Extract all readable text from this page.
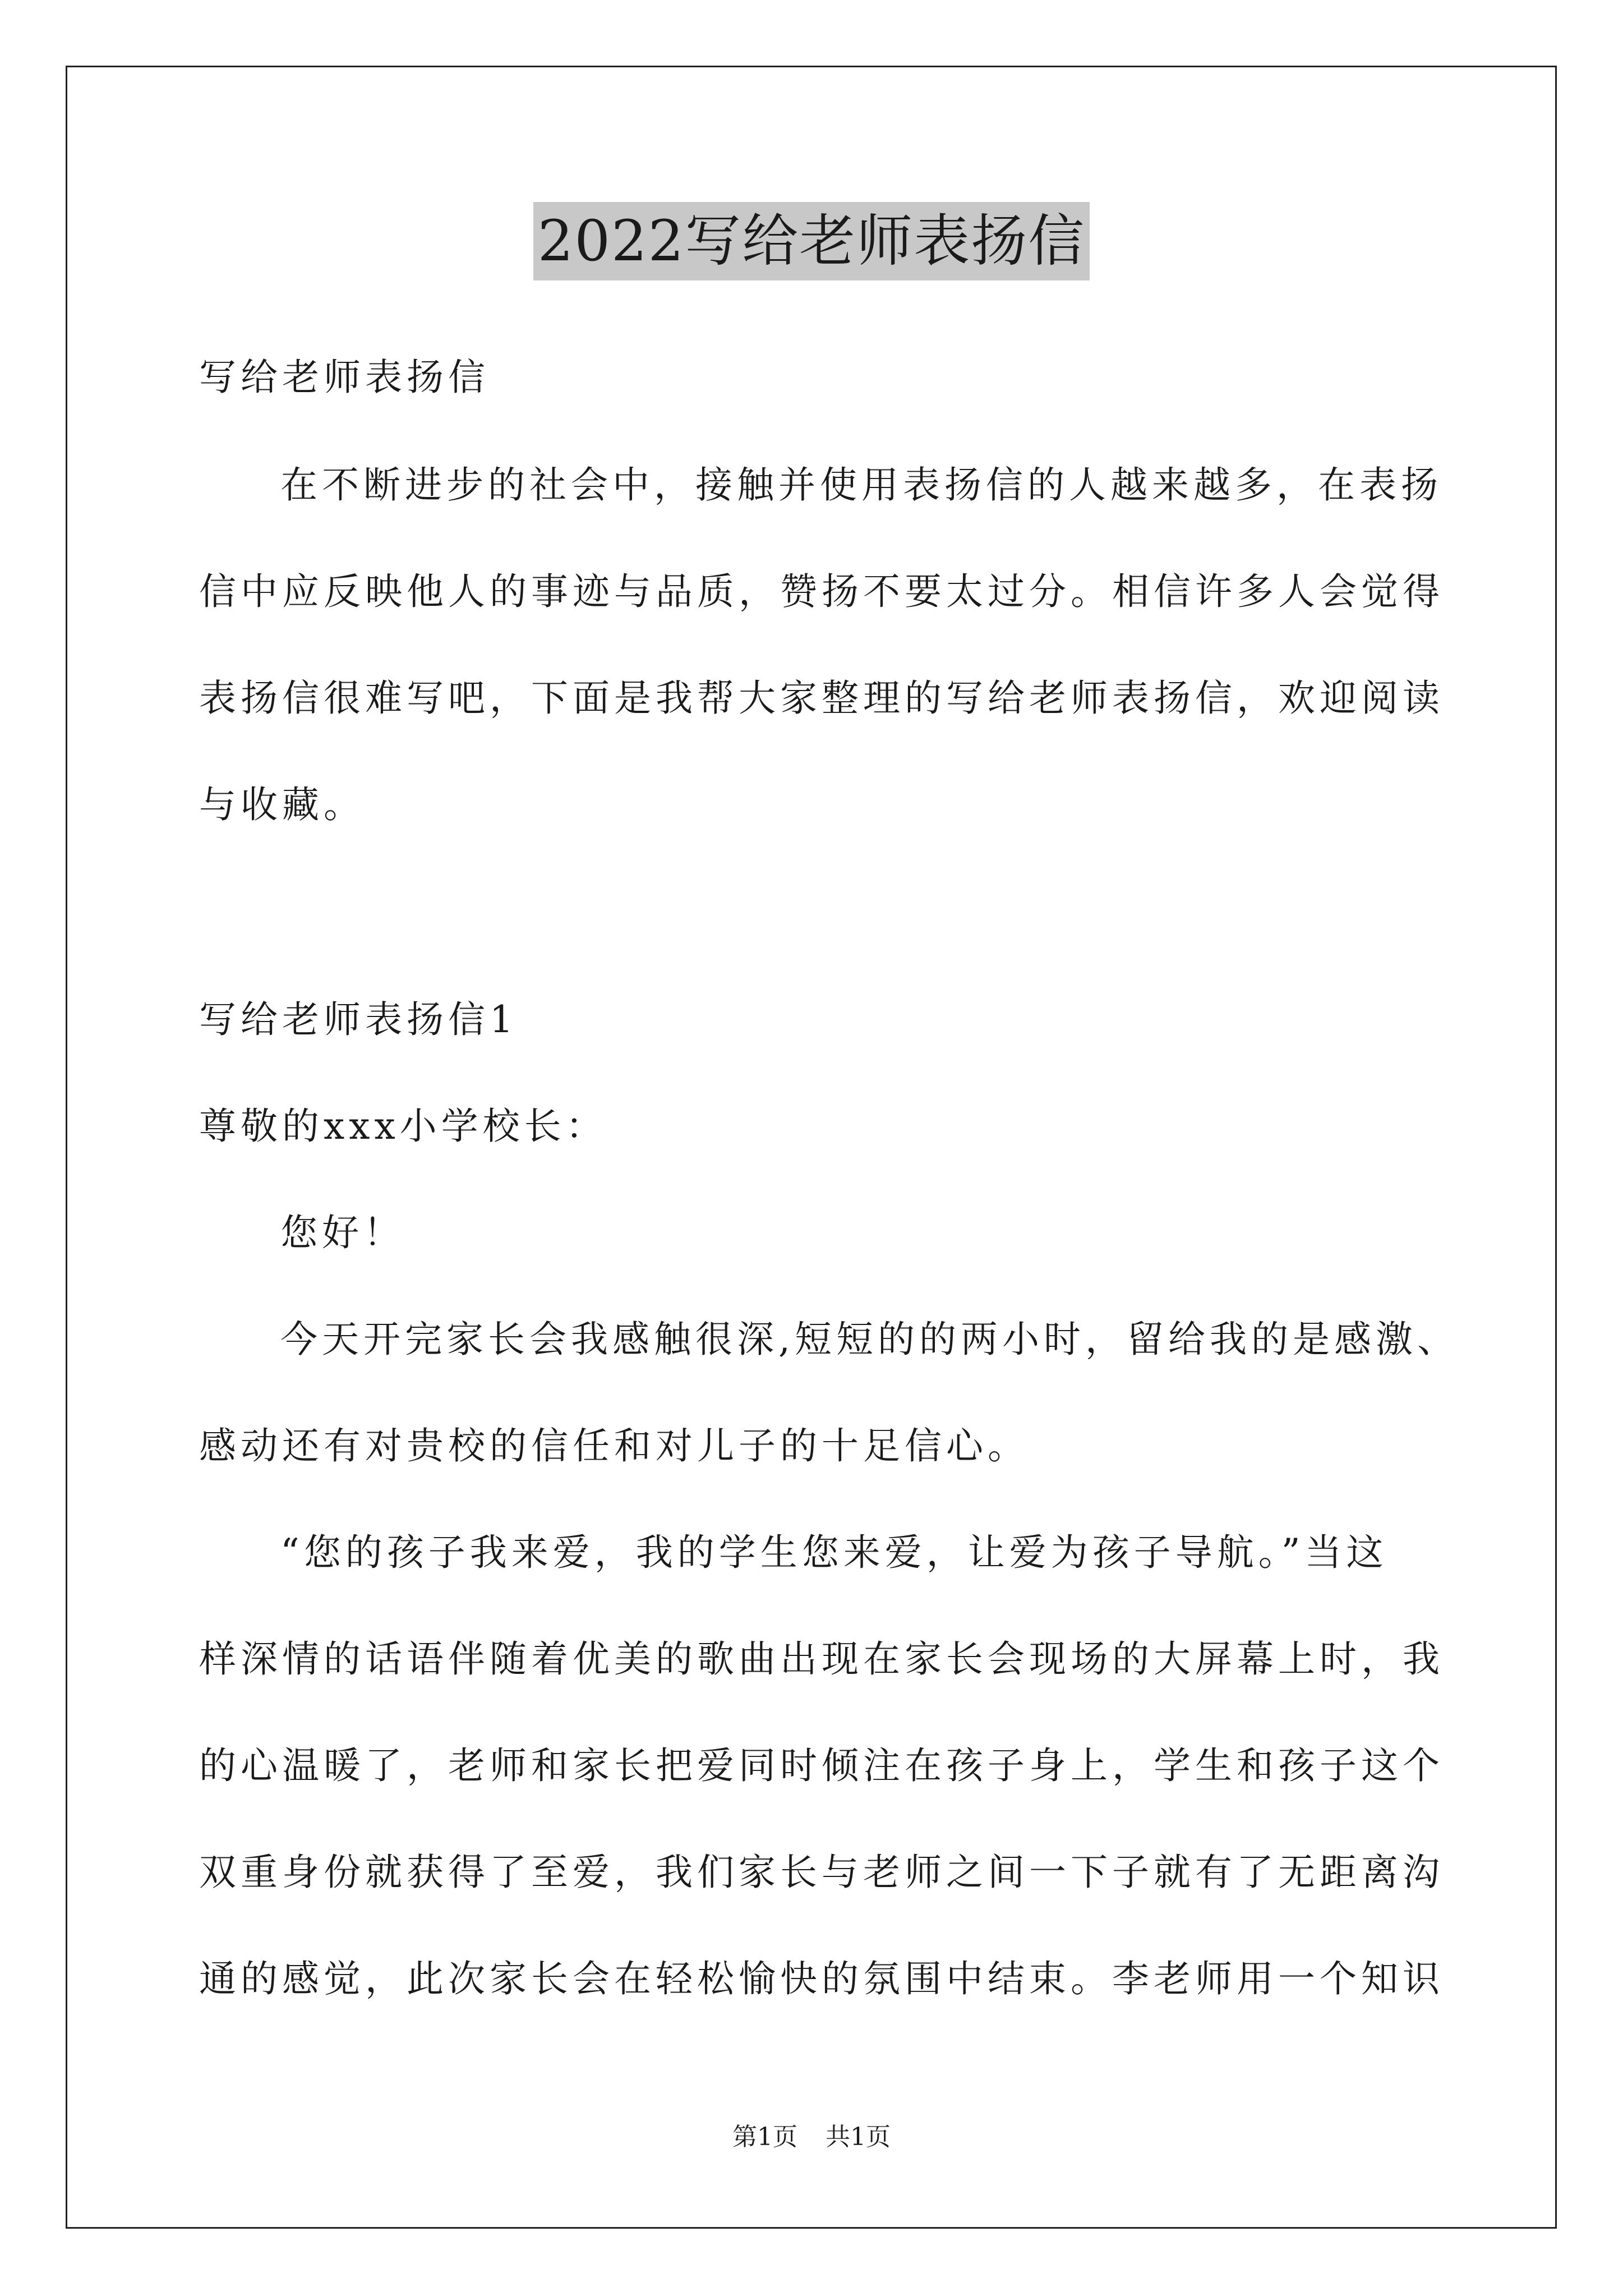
2022写给老师表扬信
写给老师表扬信
在不断进步的社会中，接触并使用表扬信的人越来越多，在表扬
信中应反映他人的事迹与品质，赞扬不要太过分。相信许多人会觉得
表扬信很难写吧，下面是我帮大家整理的写给老师表扬信，欢迎阅读
与收藏。
写给老师表扬信1
尊敬的xxx小学校长：
您好！
今天开完家长会我感触很深,短短的的两小时，留给我的是感激、
感动还有对贵校的信任和对儿子的十足信心。
“您的孩子我来爱，我的学生您来爱，让爱为孩子导航。”当这
样深情的话语伴随着优美的歌曲出现在家长会现场的大屏幕上时，我
的心温暖了，老师和家长把爱同时倾注在孩子身上，学生和孩子这个
双重身份就获得了至爱，我们家长与老师之间一下子就有了无距离沟
通的感觉，此次家长会在轻松愉快的氛围中结束。李老师用一个知识
第1页 共1页
